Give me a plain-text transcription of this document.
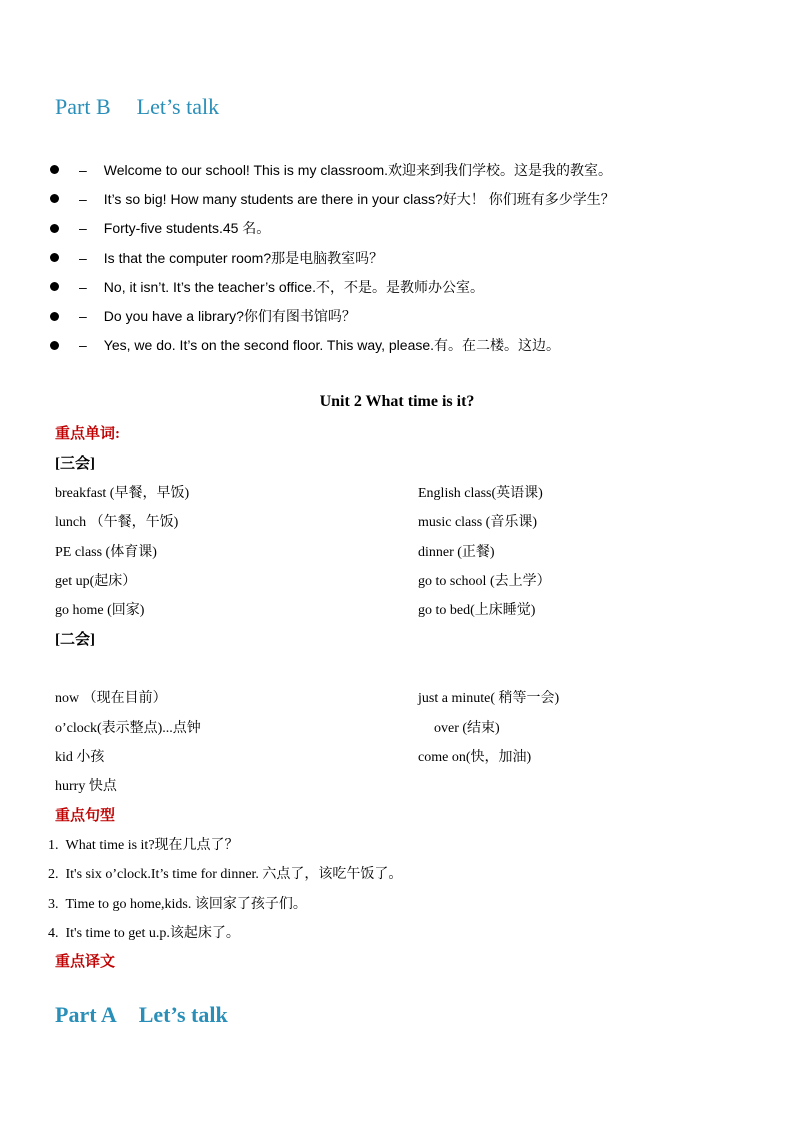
Part B Let’s talk
– Welcome to our school! This is my classroom.欢迎来到我们学校。这是我的教室。
– It’s so big! How many students are there in your class?好大！ 你们班有多少学生？
– Forty-five students.45 名。
– Is that the computer room?那是电脑教室吗？
– No, it isn’t. It’s the teacher’s office.不，不是。是教师办公室。
– Do you have a library?你们有图书馆吗？
– Yes, we do. It’s on the second floor. This way, please.有。在二楼。这边。
Unit 2 What time is it?
重点单词:
[三会]
breakfast (早餐，早饭)
lunch （午餐，午饭)
PE class (体育课)
get up(起床）
go home (回家)
English class(英语课)
music class (音乐课)
dinner (正餐)
go to school (去上学）
go to bed(上床睡觉)
[二会]
now （现在目前）
o’clock(表示整点)...点钟
kid 小孩
hurry 快点
just a minute( 稍等一会)
over (结束)
come on(快，加油)
重点句型
1. What time is it?现在几点了？
2. It's six o’clock.It’s time for dinner. 六点了，该吃午饭了。
3. Time to go home,kids. 该回家了孩子们。
4. It's time to get u.p.该起床了。
重点译文
Part A Let’s talk
